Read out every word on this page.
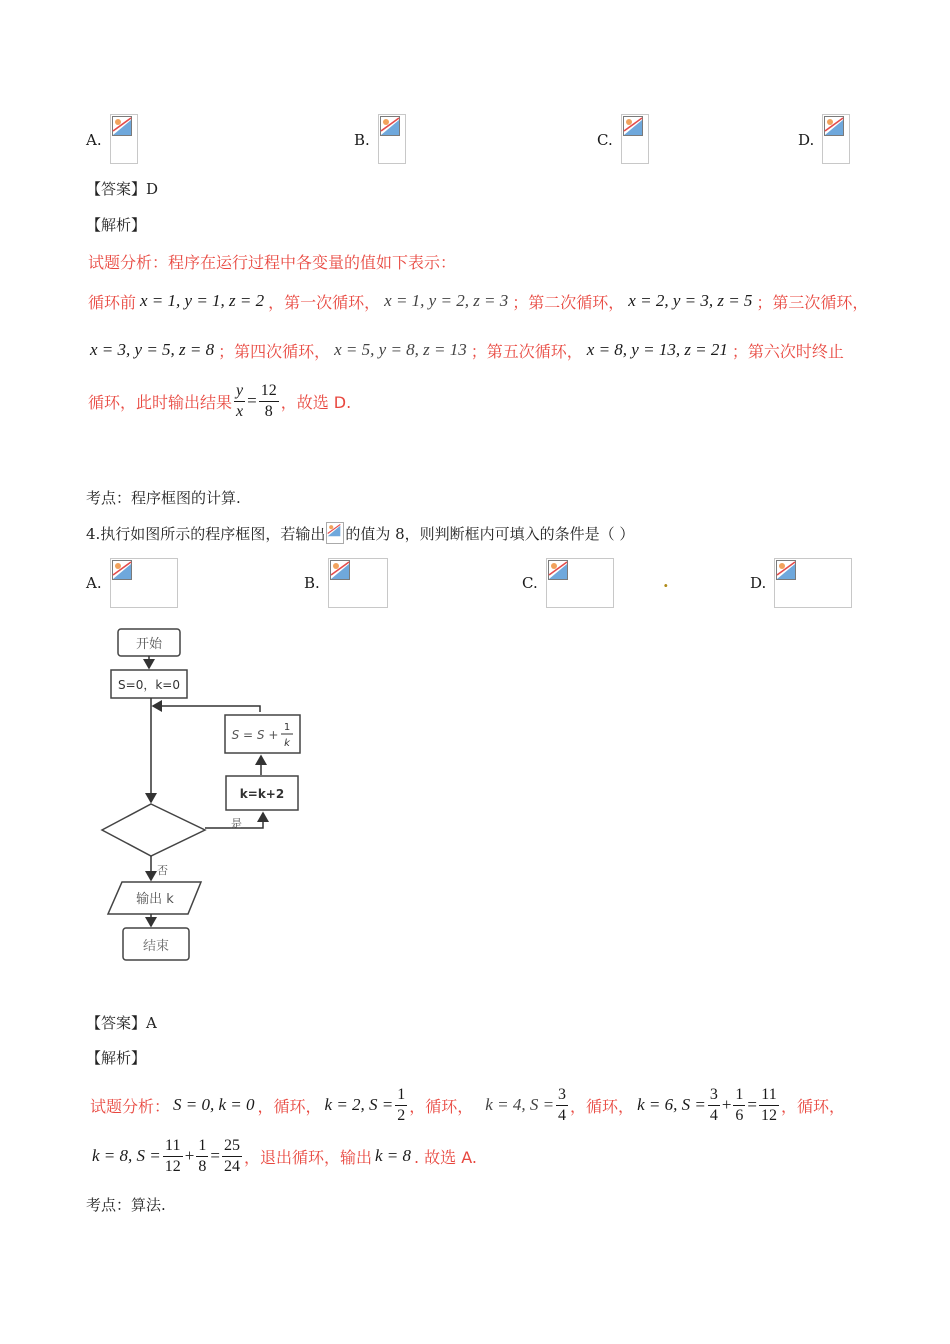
A.	B.	C.	D.
【答案】D
【解析】
试题分析：程序在运行过程中各变量的值如下表示：
循环前 x = 1, y = 1, z = 2 ，第一次循环， x = 1, y = 2, z = 3 ；第二次循环， x = 2, y = 3, z = 5 ；第三次循环，
x = 3, y = 5, z = 8 ；第四次循环， x = 5, y = 8, z = 13 ；第五次循环， x = 8, y = 13, z = 21 ；第六次时终止
循环，此时输出结果 $\frac{y}{x} = \frac{12}{8}$ ，故选 D.
考点：程序框图的计算.
4.执行如图所示的程序框图，若输出 的值为 8，则判断框内可填入的条件是（ ）
A.	B.	C.	.	D.
开始
S=0，k=0
S = S +
1
k
k=k+2
是
否
输出 k
结束
【答案】A
【解析】
试题分析： S = 0, k = 0 ，循环， k = 2, $S = \frac{1}{2}$ ，循环， k = 4, $S = \frac{3}{4}$ ，循环， k = 6, $S = \frac{3}{4} + \frac{1}{6} = \frac{11}{12}$ ，循环，
k = 8, $S = \frac{11}{12} + \frac{1}{8} = \frac{25}{24}$ ，退出循环，输出 k = 8 . 故选 A.
考点：算法.
